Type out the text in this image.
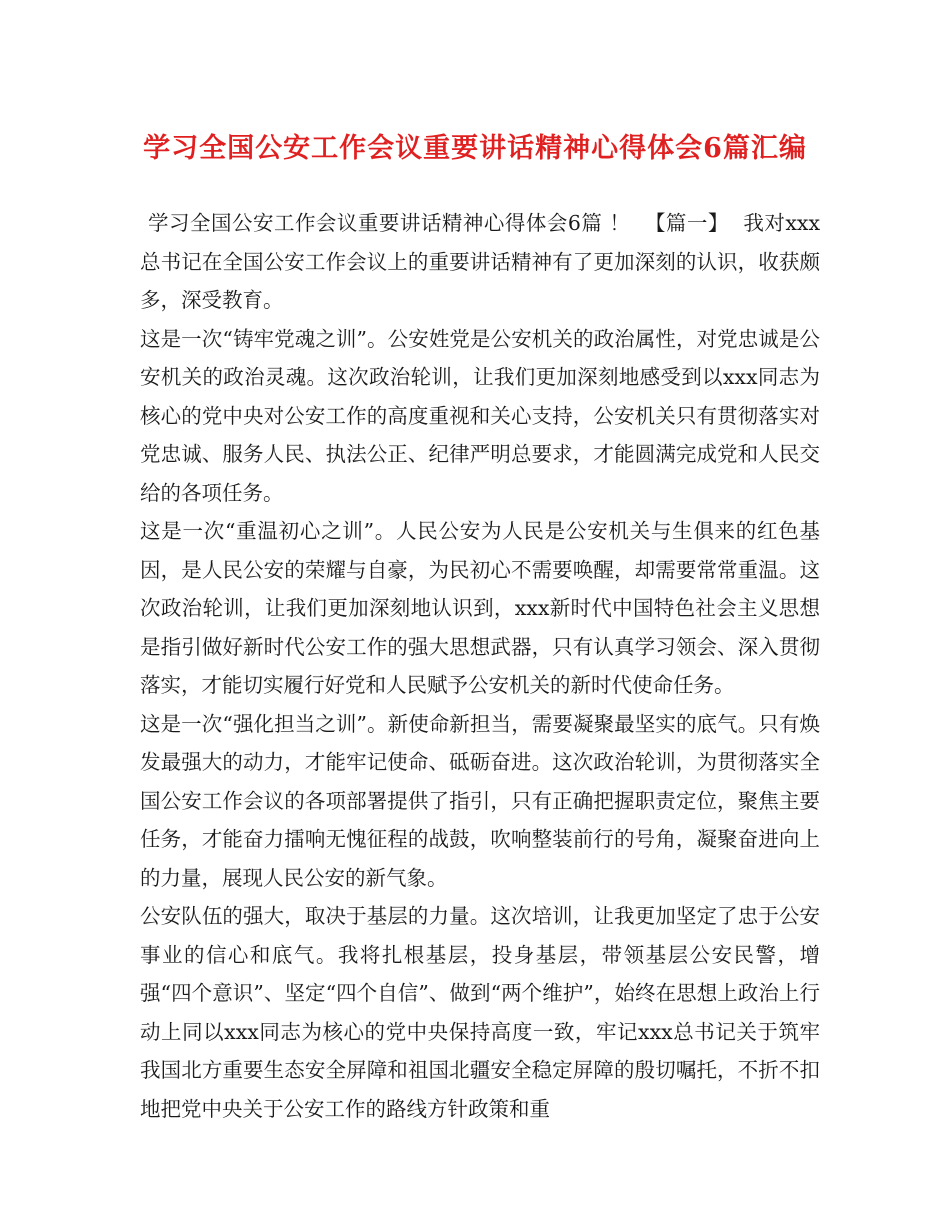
学习全国公安工作会议重要讲话精神心得体会6篇汇编

学习全国公安工作会议重要讲话精神心得体会6篇 ！ 【篇一】 我对xxx总书记在全国公安工作会议上的重要讲话精神有了更加深刻的认识，收获颇多，深受教育。

这是一次“铸牢党魂之训”。公安姓党是公安机关的政治属性，对党忠诚是公安机关的政治灵魂。这次政治轮训，让我们更加深刻地感受到以xxx同志为核心的党中央对公安工作的高度重视和关心支持，公安机关只有贯彻落实对党忠诚、服务人民、执法公正、纪律严明总要求，才能圆满完成党和人民交给的各项任务。

这是一次“重温初心之训”。人民公安为人民是公安机关与生俱来的红色基因，是人民公安的荣耀与自豪，为民初心不需要唤醒，却需要常常重温。这次政治轮训，让我们更加深刻地认识到，xxx新时代中国特色社会主义思想是指引做好新时代公安工作的强大思想武器，只有认真学习领会、深入贯彻落实，才能切实履行好党和人民赋予公安机关的新时代使命任务。

这是一次“强化担当之训”。新使命新担当，需要凝聚最坚实的底气。只有焕发最强大的动力，才能牢记使命、砥砺奋进。这次政治轮训，为贯彻落实全国公安工作会议的各项部署提供了指引，只有正确把握职责定位，聚焦主要任务，才能奋力擂响无愧征程的战鼓，吹响整装前行的号角，凝聚奋进向上的力量，展现人民公安的新气象。

公安队伍的强大，取决于基层的力量。这次培训，让我更加坚定了忠于公安事业的信心和底气。我将扎根基层，投身基层，带领基层公安民警，增强“四个意识”、坚定“四个自信”、做到“两个维护”，始终在思想上政治上行动上同以xxx同志为核心的党中央保持高度一致，牢记xxx总书记关于筑牢我国北方重要生态安全屏障和祖国北疆安全稳定屏障的殷切嘱托，不折不扣地把党中央关于公安工作的路线方针政策和重
